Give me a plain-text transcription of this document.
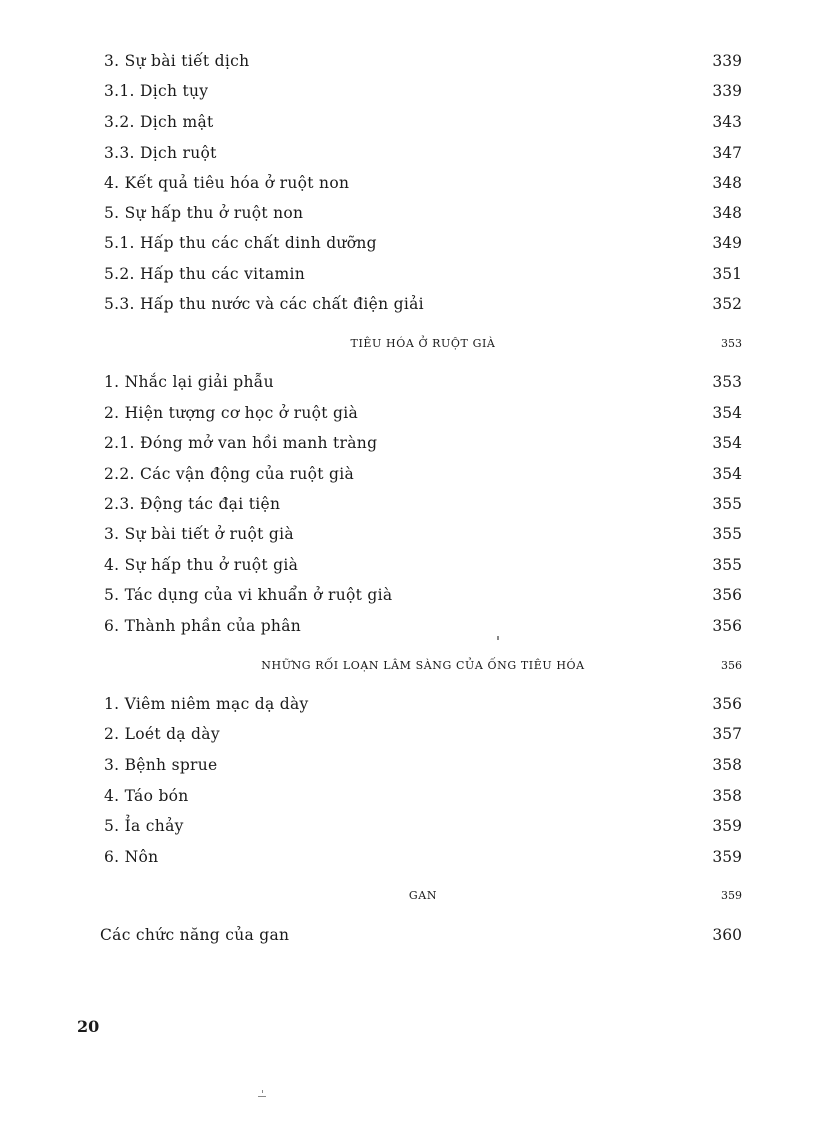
3. Sự bài tiết dịch	339
3.1. Dịch tụy	339
3.2. Dịch mật	343
3.3. Dịch ruột	347
4. Kết quả tiêu hóa ở ruột non	348
5. Sự hấp thu ở ruột non	348
5.1. Hấp thu các chất dinh dưỡng	349
5.2. Hấp thu các vitamin	351
5.3. Hấp thu nước và các chất điện giải	352
TIÊU HÓA Ở RUỘT GIÀ	353
1. Nhắc lại giải phẫu	353
2. Hiện tượng cơ học ở ruột già	354
2.1. Đóng mở van hồi manh tràng	354
2.2. Các vận động của ruột già	354
2.3. Động tác đại tiện	355
3. Sự bài tiết ở ruột già	355
4. Sự hấp thu ở ruột già	355
5. Tác dụng của vi khuẩn ở ruột già	356
6. Thành phần của phân	356
NHỮNG RỐI LOẠN LÂM SÀNG CỦA ỐNG TIÊU HÓA	356
1. Viêm niêm mạc dạ dày	356
2. Loét dạ dày	357
3. Bệnh sprue	358
4. Táo bón	358
5. Ỉa chảy	359
6. Nôn	359
GAN	359
Các chức năng của gan	360
20
